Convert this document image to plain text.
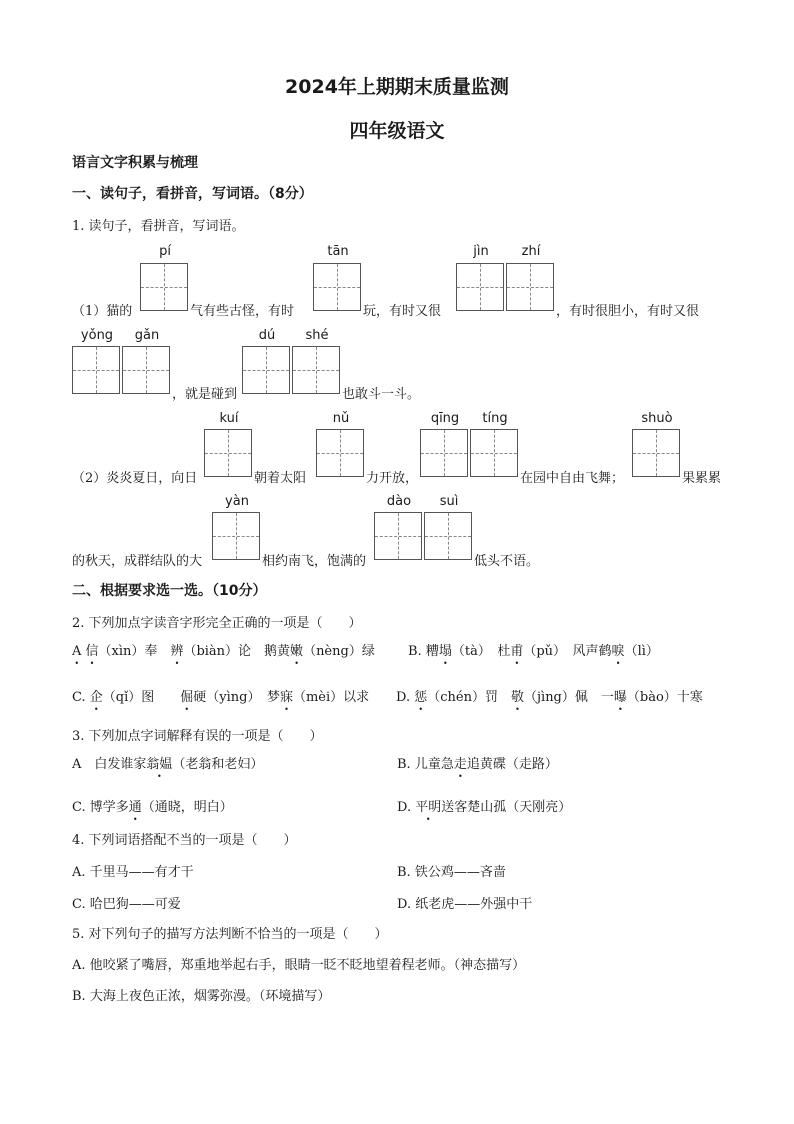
2024年上期期末质量监测
四年级语文
语言文字积累与梳理
一、读句子，看拼音，写词语。（8分）
1. 读句子，看拼音，写词语。
pí	tān	jìn	zhí
（1）猫的	气有些古怪，有时	玩，有时又很	，有时很胆小，有时又很
yǒng	gǎn	dú	shé
，就是碰到	也敢斗一斗。
kuí	nǔ	qīng	tíng	shuò
（2）炎炎夏日，向日	朝着太阳	力开放，	在园中自由飞舞；	果累累
yàn	dào	suì
的秋天，成群结队的大	相约南飞，饱满的	低头不语。
二、根据要求选一选。（10分）
2. 下列加点字读音字形完全正确的一项是（　　）
A • 信（xìn）奉　辨（biàn）论　鹅黄嫩（nèng）绿	B. 糟塌（tà）　杜甫（pǔ）　风声鹤唳（lì）
C. 企（qǐ）图　　倔硬（yìng）　梦寐（mèi）以求 D. 惩（chén）罚　敬（jìng）佩　一曝（bào）十寒
3. 下列加点字词解释有误的一项是（　　）
A　白发谁家翁媪（老翁和老妇）	B. 儿童急走追黄碟（走路）
C. 博学多通（通晓，明白）	D. 平明送客楚山孤（天刚亮）
4. 下列词语搭配不当的一项是（　　）
A. 千里马——有才干	B. 铁公鸡——吝啬
C. 哈巴狗——可爱	D. 纸老虎——外强中干
5. 对下列句子的描写方法判断不恰当的一项是（　　）
A. 他咬紧了嘴唇，郑重地举起右手，眼睛一眨不眨地望着程老师。（神态描写）
B. 大海上夜色正浓，烟雾弥漫。（环境描写）
